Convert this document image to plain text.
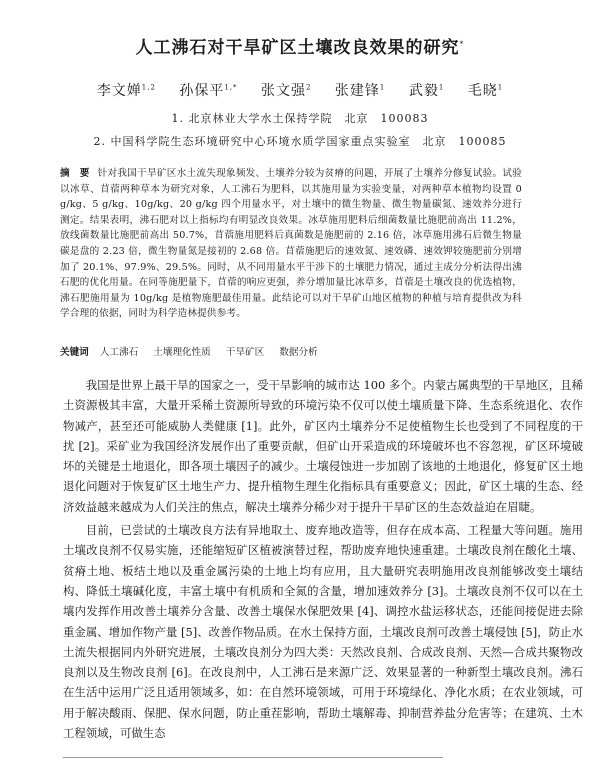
人工沸石对干旱矿区土壤改良效果的研究*
李文婵$^{1,2}$ 孙保平$^{1,*}$ 张文强$^2$ 张建锋$^1$ 武毅$^1$ 毛晓$^1$
1. 北京林业大学水土保持学院　北京　100083
2. 中国科学院生态环境研究中心环境水质学国家重点实验室　北京　100085
摘　要 针对我国干旱矿区水土流失现象频发、土壤养分较为贫瘠的问题，开展了土壤养分修复试验。试验以冰草、苜蓿两种草本为研究对象，人工沸石为肥料，以其施用量为实验变量，对两种草本植物均设置 0 g/kg、5 g/kg、10g/kg、20 g/kg 四个用量水平，对土壤中的微生物量、微生物量碳氮、速效养分进行测定。结果表明，沸石肥对以上指标均有明显改良效果。冰草施用肥料后细菌数量比施肥前高出 11.2%，放线菌数量比施肥前高出 50.7%，苜蓿施用肥料后真菌数是施肥前的 2.16 倍，冰草施用沸石后微生物量碳是盘的 2.23 倍，微生物量氮是接初的 2.68 倍。苜蓿施肥后的速效氮、速效磷、速效钾较施肥前分别增加了 20.1%、97.9%、29.5%。同时，从不同用量水平干涉下的土壤肥力情况，通过主成分分析法得出沸石肥的优化用量。在同等施肥量下，苜蓿的响应更强，养分增加量比冰草多，苜蓿是土壤改良的优选植物，沸石肥施用量为 10g/kg 是植物施肥最佳用量。此结论可以对干旱矿山地区植物的种植与培育提供改为科学合理的依据，同时为科学造林提供参考。
关键词 人工沸石 土壤理化性质 干旱矿区 数据分析

我国是世界上最干旱的国家之一，受干旱影响的城市达 100 多个。内蒙古属典型的干旱地区，且稀土资源极其丰富，大量开采稀土资源所导致的环境污染不仅可以使土壤质量下降、生态系统退化、农作物减产，甚至还可能威胁人类健康 [1]。此外，矿区内土壤养分不足使植物生长也受到了不同程度的干扰 [2]。采矿业为我国经济发展作出了重要贡献，但矿山开采造成的环境破坏也不容忽视，矿区环境破坏的关键是土地退化，即各项土壤因子的减少。土壤侵蚀进一步加剧了该地的土地退化，修复矿区土地退化问题对于恢复矿区土地生产力、提升植物生理生化指标具有重要意义；因此，矿区土壤的生态、经济效益越来越成为人们关注的焦点，解决土壤养分稀少对于提升干旱矿区的生态效益迫在眉睫。

目前，已尝试的土壤改良方法有异地取土、废弃地改造等，但存在成本高、工程量大等问题。施用土壤改良剂不仅易实施，还能缩短矿区植被演替过程，帮助废弃地快速重建。土壤改良剂在酸化土壤、贫瘠土地、板结土地以及重金属污染的土地上均有应用，且大量研究表明施用改良剂能够改变土壤结构、降低土壤碱化度，丰富土壤中有机质和全氮的含量，增加速效养分 [3]。土壤改良剂不仅可以在土壤内发挥作用改善土壤养分含量、改善土壤保水保肥效果 [4]、调控水盐运移状态，还能间接促进去除重金属、增加作物产量 [5]、改善作物品质。在水土保持方面，土壤改良剂可改善土壤侵蚀 [5]，防止水土流失根据同内外研究进展，土壤改良剂分为四大类：天然改良剂、合成改良剂、天然—合成共聚物改良剂以及生物改良剂 [6]。在改良剂中，人工沸石是来源广泛、效果显著的一种新型土壤改良剂。沸石在生活中运用广泛且适用领域多，如：在自然环境领域，可用于环境绿化、净化水质；在农业领域，可用于解决酸雨、保肥、保水问题，防止重茬影响，帮助土壤解毒、抑制营养盐分危害等；在建筑、土木工程领域，可做生态
